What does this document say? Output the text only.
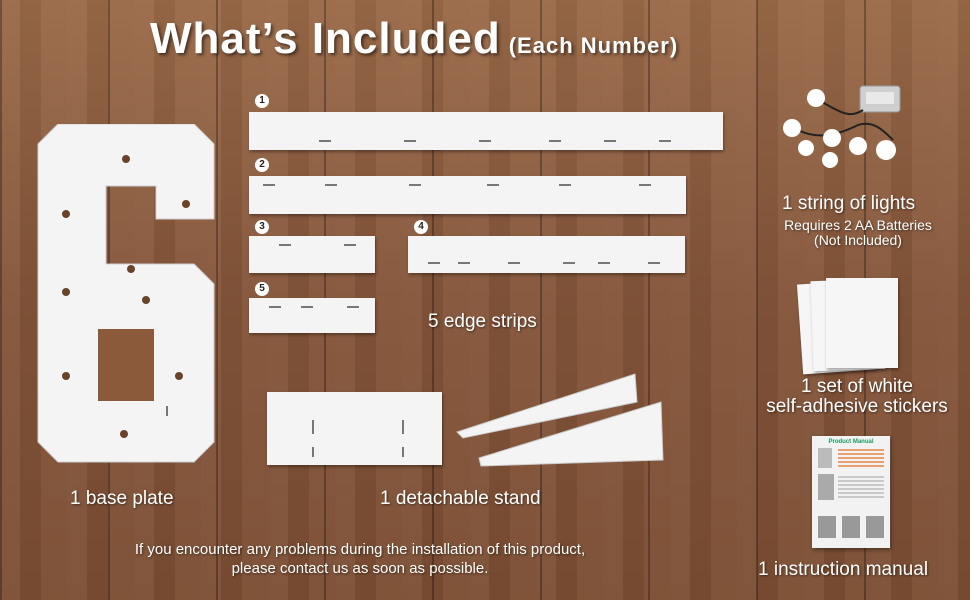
What’s Included (Each Number)
1
2
3	4
5
5 edge strips
1 detachable stand
1 base plate
1 string of lights
Requires 2 AA Batteries
(Not Included)
1 set of white
self-adhesive stickers
Product Manual
1 instruction manual
If you encounter any problems during the installation of this product,
please contact us as soon as possible.
